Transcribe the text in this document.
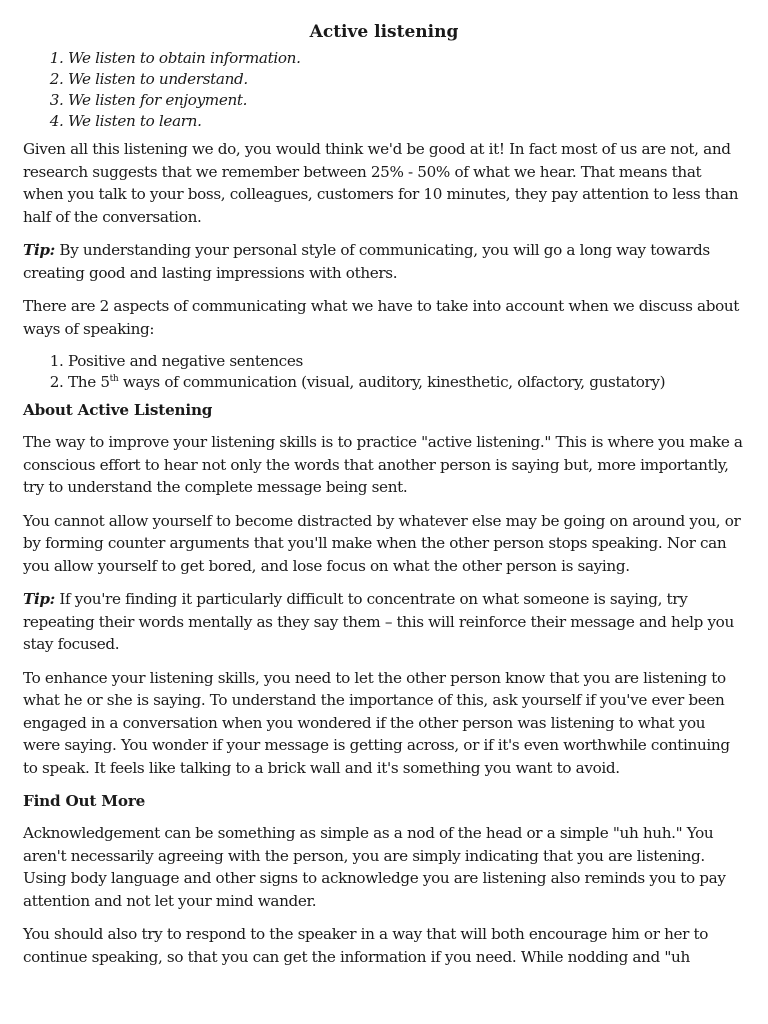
Active listening
1. We listen to obtain information.
2. We listen to understand.
3. We listen for enjoyment.
4. We listen to learn.

Given all this listening we do, you would think we'd be good at it! In fact most of us are not, and research suggests that we remember between 25% - 50% of what we hear. That means that when you talk to your boss, colleagues, customers for 10 minutes, they pay attention to less than half of the conversation.

Tip: By understanding your personal style of communicating, you will go a long way towards creating good and lasting impressions with others.

There are 2 aspects of communicating what we have to take into account when we discuss about ways of speaking:

1. Positive and negative sentences
2. The 5th ways of communication (visual, auditory, kinesthetic, olfactory, gustatory)
About Active Listening

The way to improve your listening skills is to practice "active listening." This is where you make a conscious effort to hear not only the words that another person is saying but, more importantly, try to understand the complete message being sent.

You cannot allow yourself to become distracted by whatever else may be going on around you, or by forming counter arguments that you'll make when the other person stops speaking. Nor can you allow yourself to get bored, and lose focus on what the other person is saying.

Tip: If you're finding it particularly difficult to concentrate on what someone is saying, try repeating their words mentally as they say them – this will reinforce their message and help you stay focused.

To enhance your listening skills, you need to let the other person know that you are listening to what he or she is saying. To understand the importance of this, ask yourself if you've ever been engaged in a conversation when you wondered if the other person was listening to what you were saying. You wonder if your message is getting across, or if it's even worthwhile continuing to speak. It feels like talking to a brick wall and it's something you want to avoid.

Find Out More

Acknowledgement can be something as simple as a nod of the head or a simple "uh huh." You aren't necessarily agreeing with the person, you are simply indicating that you are listening. Using body language and other signs to acknowledge you are listening also reminds you to pay attention and not let your mind wander.

You should also try to respond to the speaker in a way that will both encourage him or her to continue speaking, so that you can get the information if you need. While nodding and "uh
